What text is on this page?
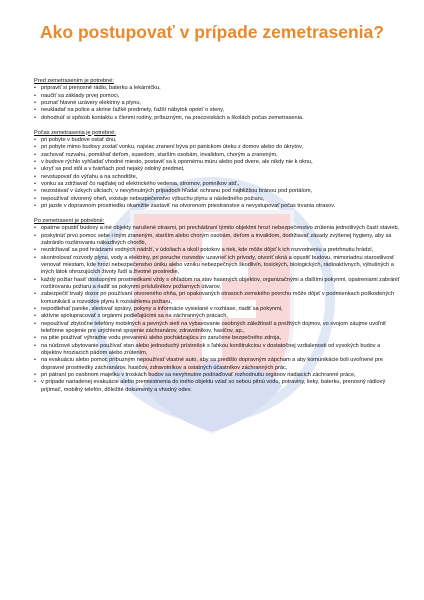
Ako postupovať v prípade zemetrasenia?

Pred zemetrasením je potrebné:

• pripraviť si prenosné rádio, baterku a lekárničku,
• naučiť sa základy prvej pomoci,
• poznať hlavné uzávery elektriny a plynu,
• neukladať na police a skrine ťažké predmety, ťažší nábytok oprieť o steny,
• dohodnúť si spôsob kontaktu s členmi rodiny, príbuznými, na pracoviskách a školách počas zemetrasenia.

Počas zemetrasenia je potrebné:

• pri pobyte v budove ostať dnu,
• pri pobyte mimo budovy zostať vonku, najviac zranení býva pri panickom úteku z domov alebo do úkrytov,
• zachovať rozvahu, pomáhať deťom, susedom, starším osobám, invalidom, chorým a zraneným,
• v budove rýchlo vyhľadať vhodné miesto, postaviť sa k opornému múru alebo pod dvere, ale nikdy nie k oknu,
• ukryť sa pod stôl a v tvárňach pod nejaký odolný predmet,
• nevstupovať do výťahu a na schodište,
• vonku sa zdržiavať čo najďalej od elektrického vedenia, stromov, pomníkov atď.,
• nezostávať v úzkych uliciach, v nevyhnutných prípadoch hľadať ochranu pod najbližšou bránou pod portálom,
• nepoužívať otvorený oheň, existuje nebezpečenstvo výbuchu plynu a následného požiaru,
• pri jazde v dopravnom prostriedku okamžite zastaviť na otvorenom priestranstve a nevystupovať počas trvania otrasov.

Po zemetrasení je potrebné:

• opatrne opustiť budovy a iné objekty narušené otrasmi, pri prechádzaní týmito objektmi hrozí nebezpečenstvo zrútenia jednotlivých častí stavieb,
• poskytnúť prvú pomoc sebe i iným zraneným, starším alebo chorým osobám, deťom a invalidom, dodržiavať zásady zvýšenej hygieny, aby sa zabránilo rozširovaniu nákazlivých chorôb,
• nezdržiavať sa pod hrádzami vodných nádrží, v údoliach a okolí potokov a riek, kde môže dôjsť k ich rozvodneniu a pretrhnutiu hrádzí,
• skontrolovať rozvody plynu, vody a elektriny, pri poruche rozvodov uzavrieť ich prívody, otvoriť okná a opustiť budovu, mimoriadnu starostlivosť venovať miestam, kde hrozí nebezpečenstvo úniku alebo vzniku nebezpečných škodlivín, toxických, biologických, rádioaktívnych, výbušných a iných látok ohrozujúcich životy ľudí a životné prostredie,
• každý požiar hasiť dostupnými prostriedkami vždy s ohľadom na stav hasených objektov, organizačnými a ďalšími pokynmi, opatreniami zabrániť rozširovaniu požiaru a riadiť sa pokynmi príslušníkov požiarnych útvarov,
• zabezpečiť trvalý dozor pri používaní otvoreného ohňa, pri opakovaných otrasoch zemského povrchu môže dôjsť v podmienkach poškodených komunikácií a rozvodov plynu k rozsiahlemu požiaru,
• nepodliehať panike, sledovať správy, pokyny a informácie vysielané v rozhlase, riadiť sa pokynmi,
• aktívne spolupracovať s orgánmi podieľajúcimi sa na záchranných prácach,
• nepoužívať zbytočne telefóny mobilných a pevných sietí na vybavovanie osobných záležitostí a prežitých dojmov, vo svojom záujme uvoľniť telefónne spojenie pre urýchlené spojenie záchranárov, zdravotníkov, hasičov, ap.,
• na pitie používať výhradne vodu prevarenú alebo pochádzajúcu zo zaručene bezpečného zdroja,
• na núdzové ubytovanie používať stan alebo jednoduchý prístrešok s ľahkou konštrukciou v dostatočnej vzdialenosti od vysokých budov a objektov hroziacich pádom alebo zrútením,
• na evakuáciu alebo pomoc príbuzným nepoužívať vlastné auto, aby sa predišlo dopravným zápcham a aby komunikácie boli uvoľnené pre dopravné prostriedky záchranárov, hasičov, zdravotníkov a ostatných účastníkov záchranných prác,
• pri pátraní po osobnom majetku v troskách budov sa nevyhnutne podriaďovať rozhodnutiu orgánov riadiacich záchranné práce,
• v prípade nariadenej evakuácie alebo premiestnenia do iného objektu vziať so sebou pitnú vodu, potraviny, lieky, baterku, prenosný rádiový prijímač, mobilný telefón, dôležité dokumenty a vhodný odev.
